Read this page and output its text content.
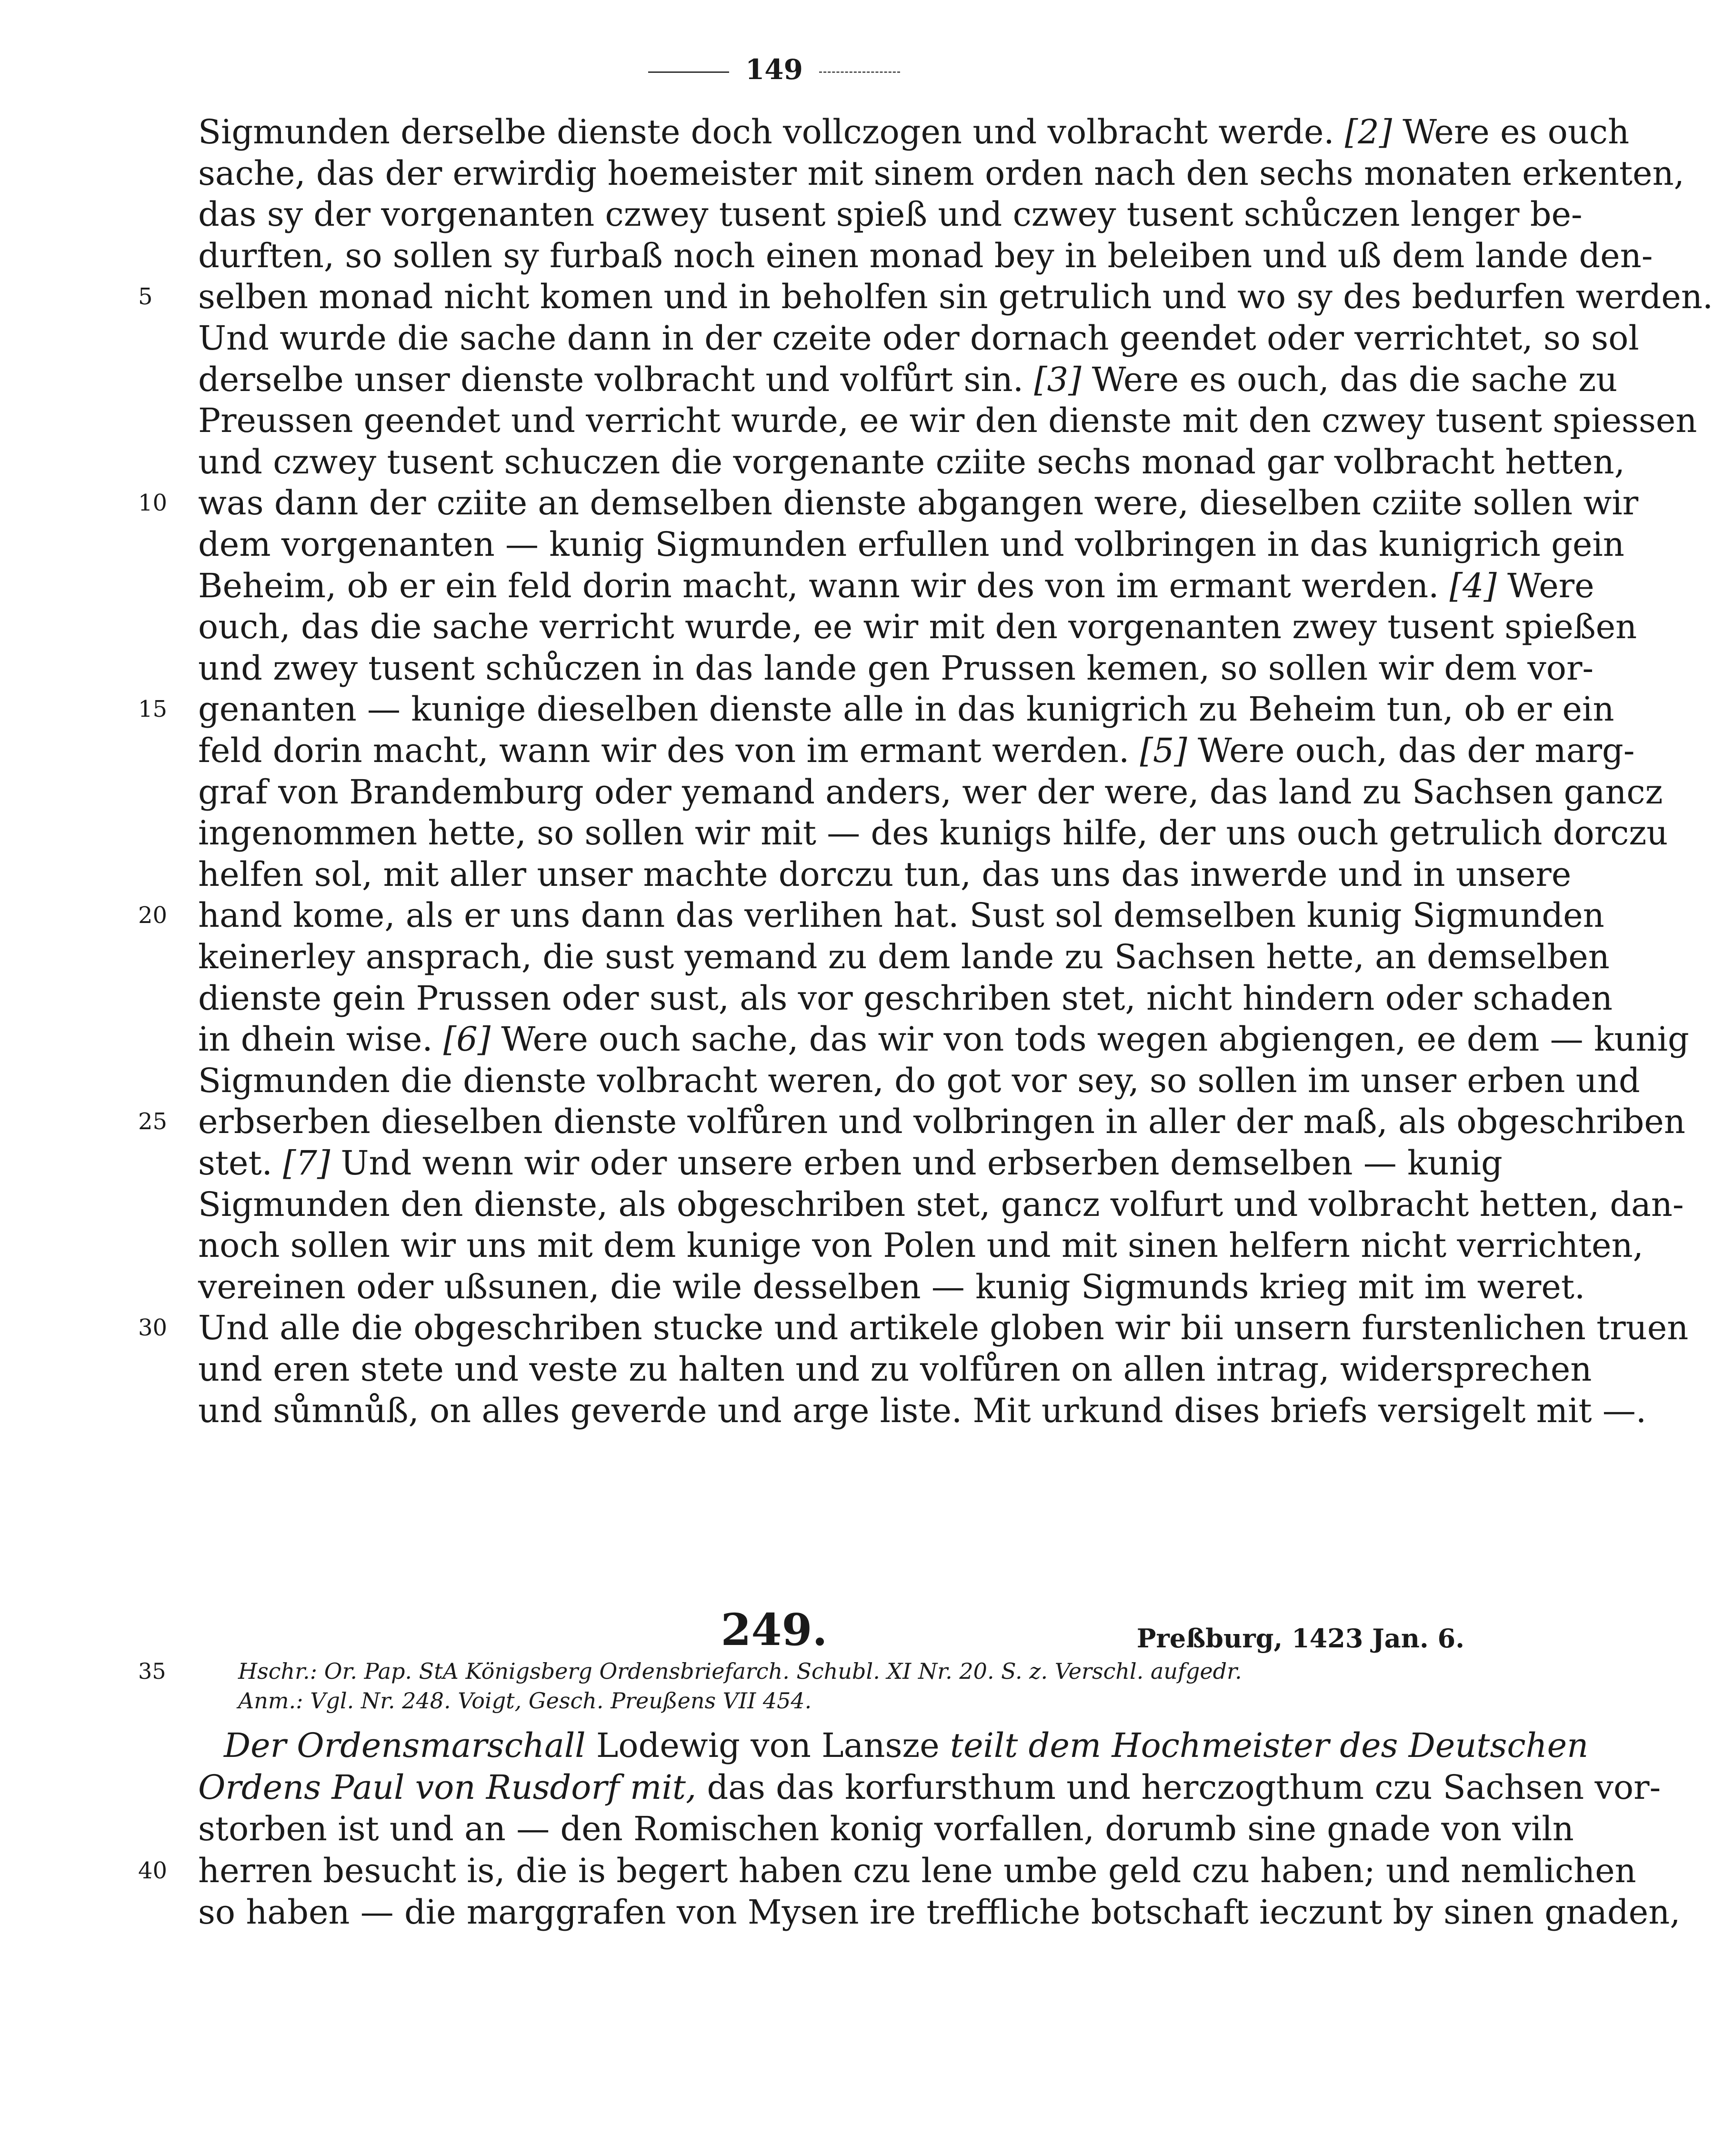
149
Sigmunden derselbe dienste doch vollczogen und volbracht werde. [2] Were es ouch
sache, das der erwirdig hoemeister mit sinem orden nach den sechs monaten erkenten,
das sy der vorgenanten czwey tusent spieß und czwey tusent schůczen lenger be-
durften, so sollen sy furbaß noch einen monad bey in beleiben und uß dem lande den-
5	selben monad nicht komen und in beholfen sin getrulich und wo sy des bedurfen werden.
Und wurde die sache dann in der czeite oder dornach geendet oder verrichtet, so sol
derselbe unser dienste volbracht und volfůrt sin. [3] Were es ouch, das die sache zu
Preussen geendet und verricht wurde, ee wir den dienste mit den czwey tusent spiessen
und czwey tusent schuczen die vorgenante cziite sechs monad gar volbracht hetten,
10 was dann der cziite an demselben dienste abgangen were, dieselben cziite sollen wir
dem vorgenanten — kunig Sigmunden erfullen und volbringen in das kunigrich gein
Beheim, ob er ein feld dorin macht, wann wir des von im ermant werden. [4] Were
ouch, das die sache verricht wurde, ee wir mit den vorgenanten zwey tusent spießen
und zwey tusent schůczen in das lande gen Prussen kemen, so sollen wir dem vor-
15 genanten — kunige dieselben dienste alle in das kunigrich zu Beheim tun, ob er ein
feld dorin macht, wann wir des von im ermant werden. [5] Were ouch, das der marg-
graf von Brandemburg oder yemand anders, wer der were, das land zu Sachsen gancz
ingenommen hette, so sollen wir mit — des kunigs hilfe, der uns ouch getrulich dorczu
helfen sol, mit aller unser machte dorczu tun, das uns das inwerde und in unsere
20 hand kome, als er uns dann das verlihen hat. Sust sol demselben kunig Sigmunden
keinerley ansprach, die sust yemand zu dem lande zu Sachsen hette, an demselben
dienste gein Prussen oder sust, als vor geschriben stet, nicht hindern oder schaden
in dhein wise. [6] Were ouch sache, das wir von tods wegen abgiengen, ee dem — kunig
Sigmunden die dienste volbracht weren, do got vor sey, so sollen im unser erben und
25 erbserben dieselben dienste volfůren und volbringen in aller der maß, als obgeschriben
stet. [7] Und wenn wir oder unsere erben und erbserben demselben — kunig
Sigmunden den dienste, als obgeschriben stet, gancz volfurt und volbracht hetten, dan-
noch sollen wir uns mit dem kunige von Polen und mit sinen helfern nicht verrichten,
vereinen oder ußsunen, die wile desselben — kunig Sigmunds krieg mit im weret.
30 Und alle die obgeschriben stucke und artikele globen wir bii unsern furstenlichen truen
und eren stete und veste zu halten und zu volfůren on allen intrag, widersprechen
und sůmnůß, on alles geverde und arge liste. Mit urkund dises briefs versigelt mit —.
249.	Preßburg, 1423 Jan. 6.
35	Hschr.: Or. Pap. StA Königsberg Ordensbriefarch. Schubl. XI Nr. 20. S. z. Verschl. aufgedr.
Anm.: Vgl. Nr. 248. Voigt, Gesch. Preußens VII 454.
Der Ordensmarschall Lodewig von Lansze teilt dem Hochmeister des Deutschen
Ordens Paul von Rusdorf mit, das das korfursthum und herczogthum czu Sachsen vor-
storben ist und an — den Romischen konig vorfallen, dorumb sine gnade von viln
40 herren besucht is, die is begert haben czu lene umbe geld czu haben; und nemlichen
so haben — die marggrafen von Mysen ire treffliche botschaft ieczunt by sinen gnaden,
